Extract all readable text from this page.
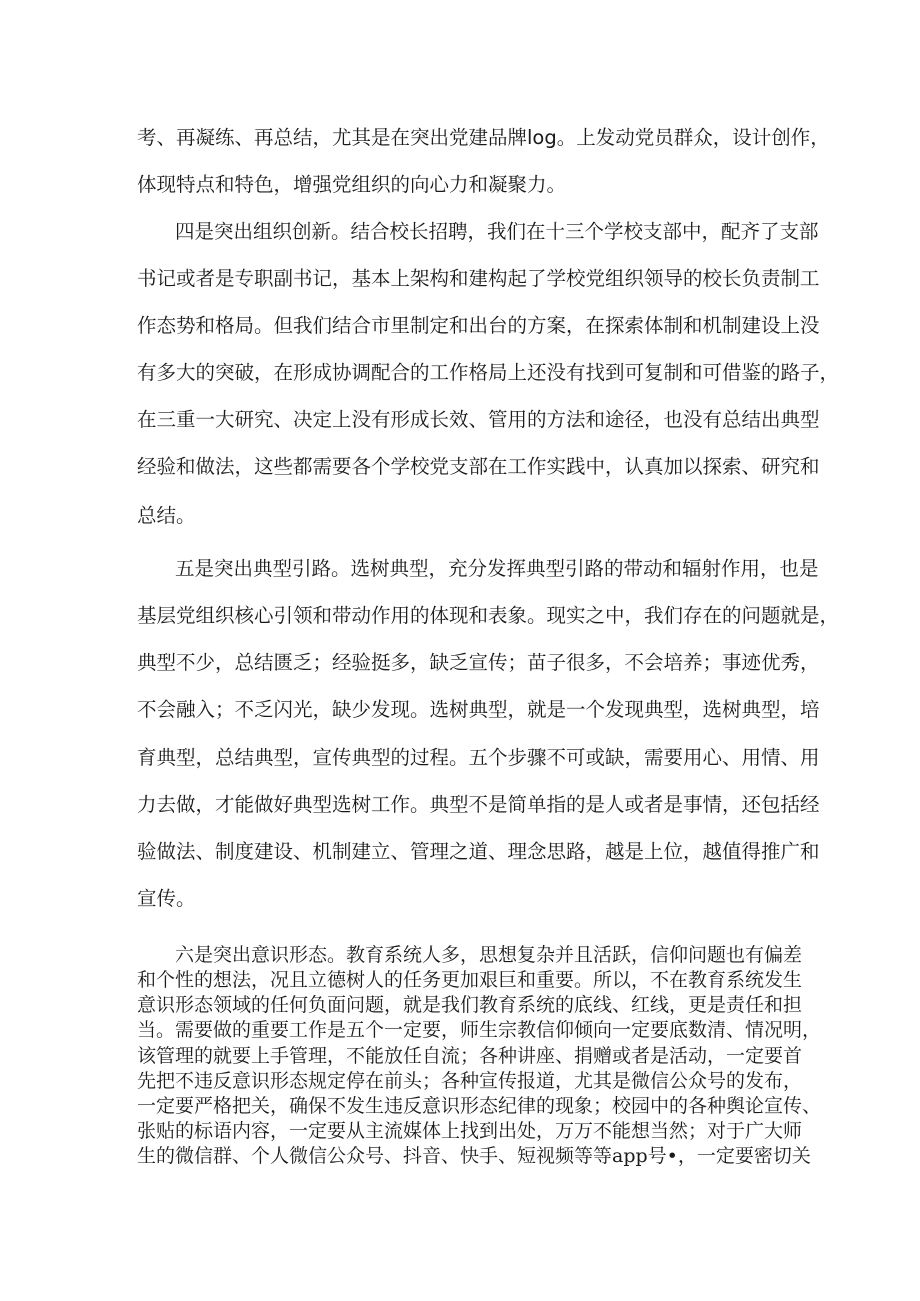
考、再凝练、再总结，尤其是在突出党建品牌log。上发动党员群众，设计创作，
体现特点和特色，增强党组织的向心力和凝聚力。
四是突出组织创新。结合校长招聘，我们在十三个学校支部中，配齐了支部
书记或者是专职副书记，基本上架构和建构起了学校党组织领导的校长负责制工
作态势和格局。但我们结合市里制定和出台的方案，在探索体制和机制建设上没
有多大的突破，在形成协调配合的工作格局上还没有找到可复制和可借鉴的路子，
在三重一大研究、决定上没有形成长效、管用的方法和途径，也没有总结出典型
经验和做法，这些都需要各个学校党支部在工作实践中，认真加以探索、研究和
总结。
五是突出典型引路。选树典型，充分发挥典型引路的带动和辐射作用，也是
基层党组织核心引领和带动作用的体现和表象。现实之中，我们存在的问题就是，
典型不少，总结匮乏；经验挺多，缺乏宣传；苗子很多，不会培养；事迹优秀，
不会融入；不乏闪光，缺少发现。选树典型，就是一个发现典型，选树典型，培
育典型，总结典型，宣传典型的过程。五个步骤不可或缺，需要用心、用情、用
力去做，才能做好典型选树工作。典型不是简单指的是人或者是事情，还包括经
验做法、制度建设、机制建立、管理之道、理念思路，越是上位，越值得推广和
宣传。
六是突出意识形态。教育系统人多，思想复杂并且活跃，信仰问题也有偏差
和个性的想法，况且立德树人的任务更加艰巨和重要。所以，不在教育系统发生
意识形态领域的任何负面问题，就是我们教育系统的底线、红线，更是责任和担
当。需要做的重要工作是五个一定要，师生宗教信仰倾向一定要底数清、情况明，
该管理的就要上手管理，不能放任自流；各种讲座、捐赠或者是活动，一定要首
先把不违反意识形态规定停在前头；各种宣传报道，尤其是微信公众号的发布，
一定要严格把关，确保不发生违反意识形态纪律的现象；校园中的各种舆论宣传、
张贴的标语内容，一定要从主流媒体上找到出处，万万不能想当然；对于广大师
生的微信群、个人微信公众号、抖音、快手、短视频等等app号•，一定要密切关
